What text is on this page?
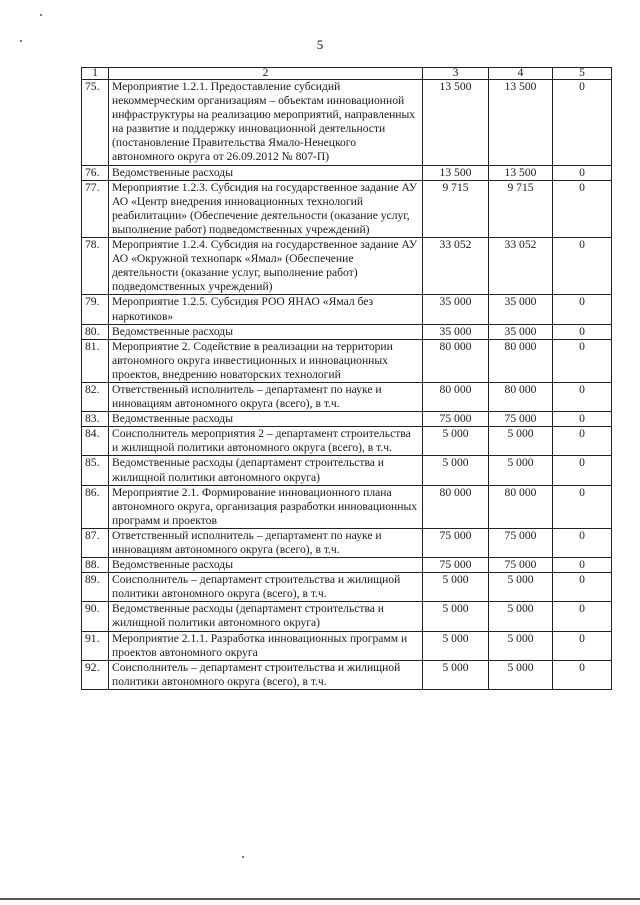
5
1	2	3	4	5
75.	Мероприятие 1.2.1. Предоставление субсидий некоммерческим организациям – объектам инновационной инфраструктуры на реализацию мероприятий, направленных на развитие и поддержку инновационной деятельности (постановление Правительства Ямало-Ненецкого автономного округа от 26.09.2012 № 807-П)	13 500	13 500	0
76.	Ведомственные расходы	13 500	13 500	0
77.	Мероприятие 1.2.3. Субсидия на государственное задание АУ АО «Центр внедрения инновационных технологий реабилитации» (Обеспечение деятельности (оказание услуг, выполнение работ) подведомственных учреждений)	9 715	9 715	0
78.	Мероприятие 1.2.4. Субсидия на государственное задание АУ АО «Окружной технопарк «Ямал» (Обеспечение деятельности (оказание услуг, выполнение работ) подведомственных учреждений)	33 052	33 052	0
79.	Мероприятие 1.2.5. Субсидия РОО ЯНАО «Ямал без наркотиков»	35 000	35 000	0
80.	Ведомственные расходы	35 000	35 000	0
81.	Мероприятие 2. Содействие в реализации на территории автономного округа инвестиционных и инновационных проектов, внедрению новаторских технологий	80 000	80 000	0
82.	Ответственный исполнитель – департамент по науке и инновациям автономного округа (всего), в т.ч.	80 000	80 000	0
83.	Ведомственные расходы	75 000	75 000	0
84.	Соисполнитель мероприятия 2 – департамент строительства и жилищной политики автономного округа (всего), в т.ч.	5 000	5 000	0
85.	Ведомственные расходы (департамент строительства и жилищной политики автономного округа)	5 000	5 000	0
86.	Мероприятие 2.1. Формирование инновационного плана автономного округа, организация разработки инновационных программ и проектов	80 000	80 000	0
87.	Ответственный исполнитель – департамент по науке и инновациям автономного округа (всего), в т.ч.	75 000	75 000	0
88.	Ведомственные расходы	75 000	75 000	0
89.	Соисполнитель – департамент строительства и жилищной политики автономного округа (всего), в т.ч.	5 000	5 000	0
90.	Ведомственные расходы (департамент строительства и жилищной политики автономного округа)	5 000	5 000	0
91.	Мероприятие 2.1.1. Разработка инновационных программ и проектов автономного округа	5 000	5 000	0
92.	Соисполнитель – департамент строительства и жилищной политики автономного округа (всего), в т.ч.	5 000	5 000	0
